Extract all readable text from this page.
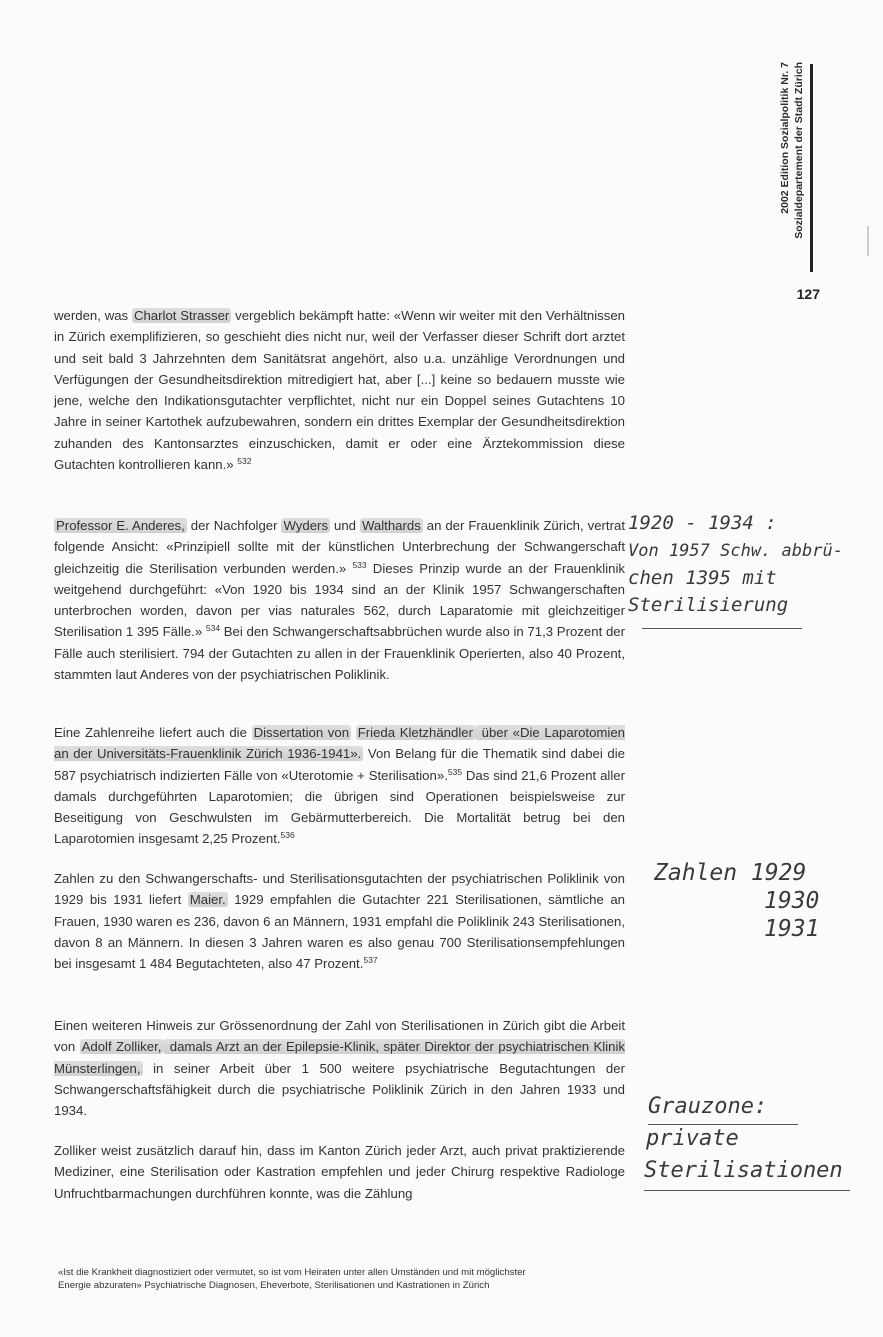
2002 Edition Sozialpolitik Nr. 7 Sozialdepartement der Stadt Zürich
127

werden, was Charlot Strasser vergeblich bekämpft hatte: «Wenn wir weiter mit den Verhältnissen in Zürich exemplifizieren, so geschieht dies nicht nur, weil der Verfasser dieser Schrift dort arztet und seit bald 3 Jahrzehnten dem Sanitätsrat angehört, also u.a. unzählige Verordnungen und Verfügungen der Gesundheitsdirektion mitredigiert hat, aber [...] keine so bedauern musste wie jene, welche den Indikationsgutachter verpflichtet, nicht nur ein Doppel seines Gutachtens 10 Jahre in seiner Kartothek aufzubewahren, sondern ein drittes Exemplar der Gesundheitsdirektion zuhanden des Kantonsarztes einzuschicken, damit er oder eine Ärztekommission diese Gutachten kontrollieren kann.» $^{532}$

Professor E. Anderes, der Nachfolger Wyders und Walthards an der Frauenklinik Zürich, vertrat folgende Ansicht: «Prinzipiell sollte mit der künstlichen Unterbrechung der Schwangerschaft gleichzeitig die Sterilisation verbunden werden.» $^{533}$ Dieses Prinzip wurde an der Frauenklinik weitgehend durchgeführt: «Von 1920 bis 1934 sind an der Klinik 1957 Schwangerschaften unterbrochen worden, davon per vias naturales 562, durch Laparatomie mit gleichzeitiger Sterilisation 1 395 Fälle.» $^{534}$ Bei den Schwangerschaftsabbrüchen wurde also in 71,3 Prozent der Fälle auch sterilisiert. 794 der Gutachten zu allen in der Frauenklinik Operierten, also 40 Prozent, stammten laut Anderes von der psychiatrischen Poliklinik.

Eine Zahlenreihe liefert auch die Dissertation von Frieda Kletzhändler über «Die Laparotomien an der Universitäts-Frauenklinik Zürich 1936-1941». Von Belang für die Thematik sind dabei die 587 psychiatrisch indizierten Fälle von «Uterotomie + Sterilisation».$^{535}$ Das sind 21,6 Prozent aller damals durchgeführten Laparotomien; die übrigen sind Operationen beispielsweise zur Beseitigung von Geschwulsten im Gebärmutterbereich. Die Mortalität betrug bei den Laparotomien insgesamt 2,25 Prozent.$^{536}$

Zahlen zu den Schwangerschafts- und Sterilisationsgutachten der psychiatrischen Poliklinik von 1929 bis 1931 liefert Maier. 1929 empfahlen die Gutachter 221 Sterilisationen, sämtliche an Frauen, 1930 waren es 236, davon 6 an Männern, 1931 empfahl die Poliklinik 243 Sterilisationen, davon 8 an Männern. In diesen 3 Jahren waren es also genau 700 Sterilisationsempfehlungen bei insgesamt 1 484 Begutachteten, also 47 Prozent.$^{537}$

Einen weiteren Hinweis zur Grössenordnung der Zahl von Sterilisationen in Zürich gibt die Arbeit von Adolf Zolliker, damals Arzt an der Epilepsie-Klinik, später Direktor der psychiatrischen Klinik Münsterlingen, in seiner Arbeit über 1 500 weitere psychiatrische Begutachtungen der Schwangerschaftsfähigkeit durch die psychiatrische Poliklinik Zürich in den Jahren 1933 und 1934.

Zolliker weist zusätzlich darauf hin, dass im Kanton Zürich jeder Arzt, auch privat praktizierende Mediziner, eine Sterilisation oder Kastration empfehlen und jeder Chirurg respektive Radiologe Unfruchtbarmachungen durchführen konnte, was die Zählung

1920 - 1934 :
Von 1957 Schw. abbrü-
chen 1395 mit
Sterilisierung
Zahlen 1929
1930
1931
Grauzone:
private
Sterilisationen
«Ist die Krankheit diagnostiziert oder vermutet, so ist vom Heiraten unter allen Umständen und mit möglichster
Energie abzuraten» Psychiatrische Diagnosen, Eheverbote, Sterilisationen und Kastrationen in Zürich
